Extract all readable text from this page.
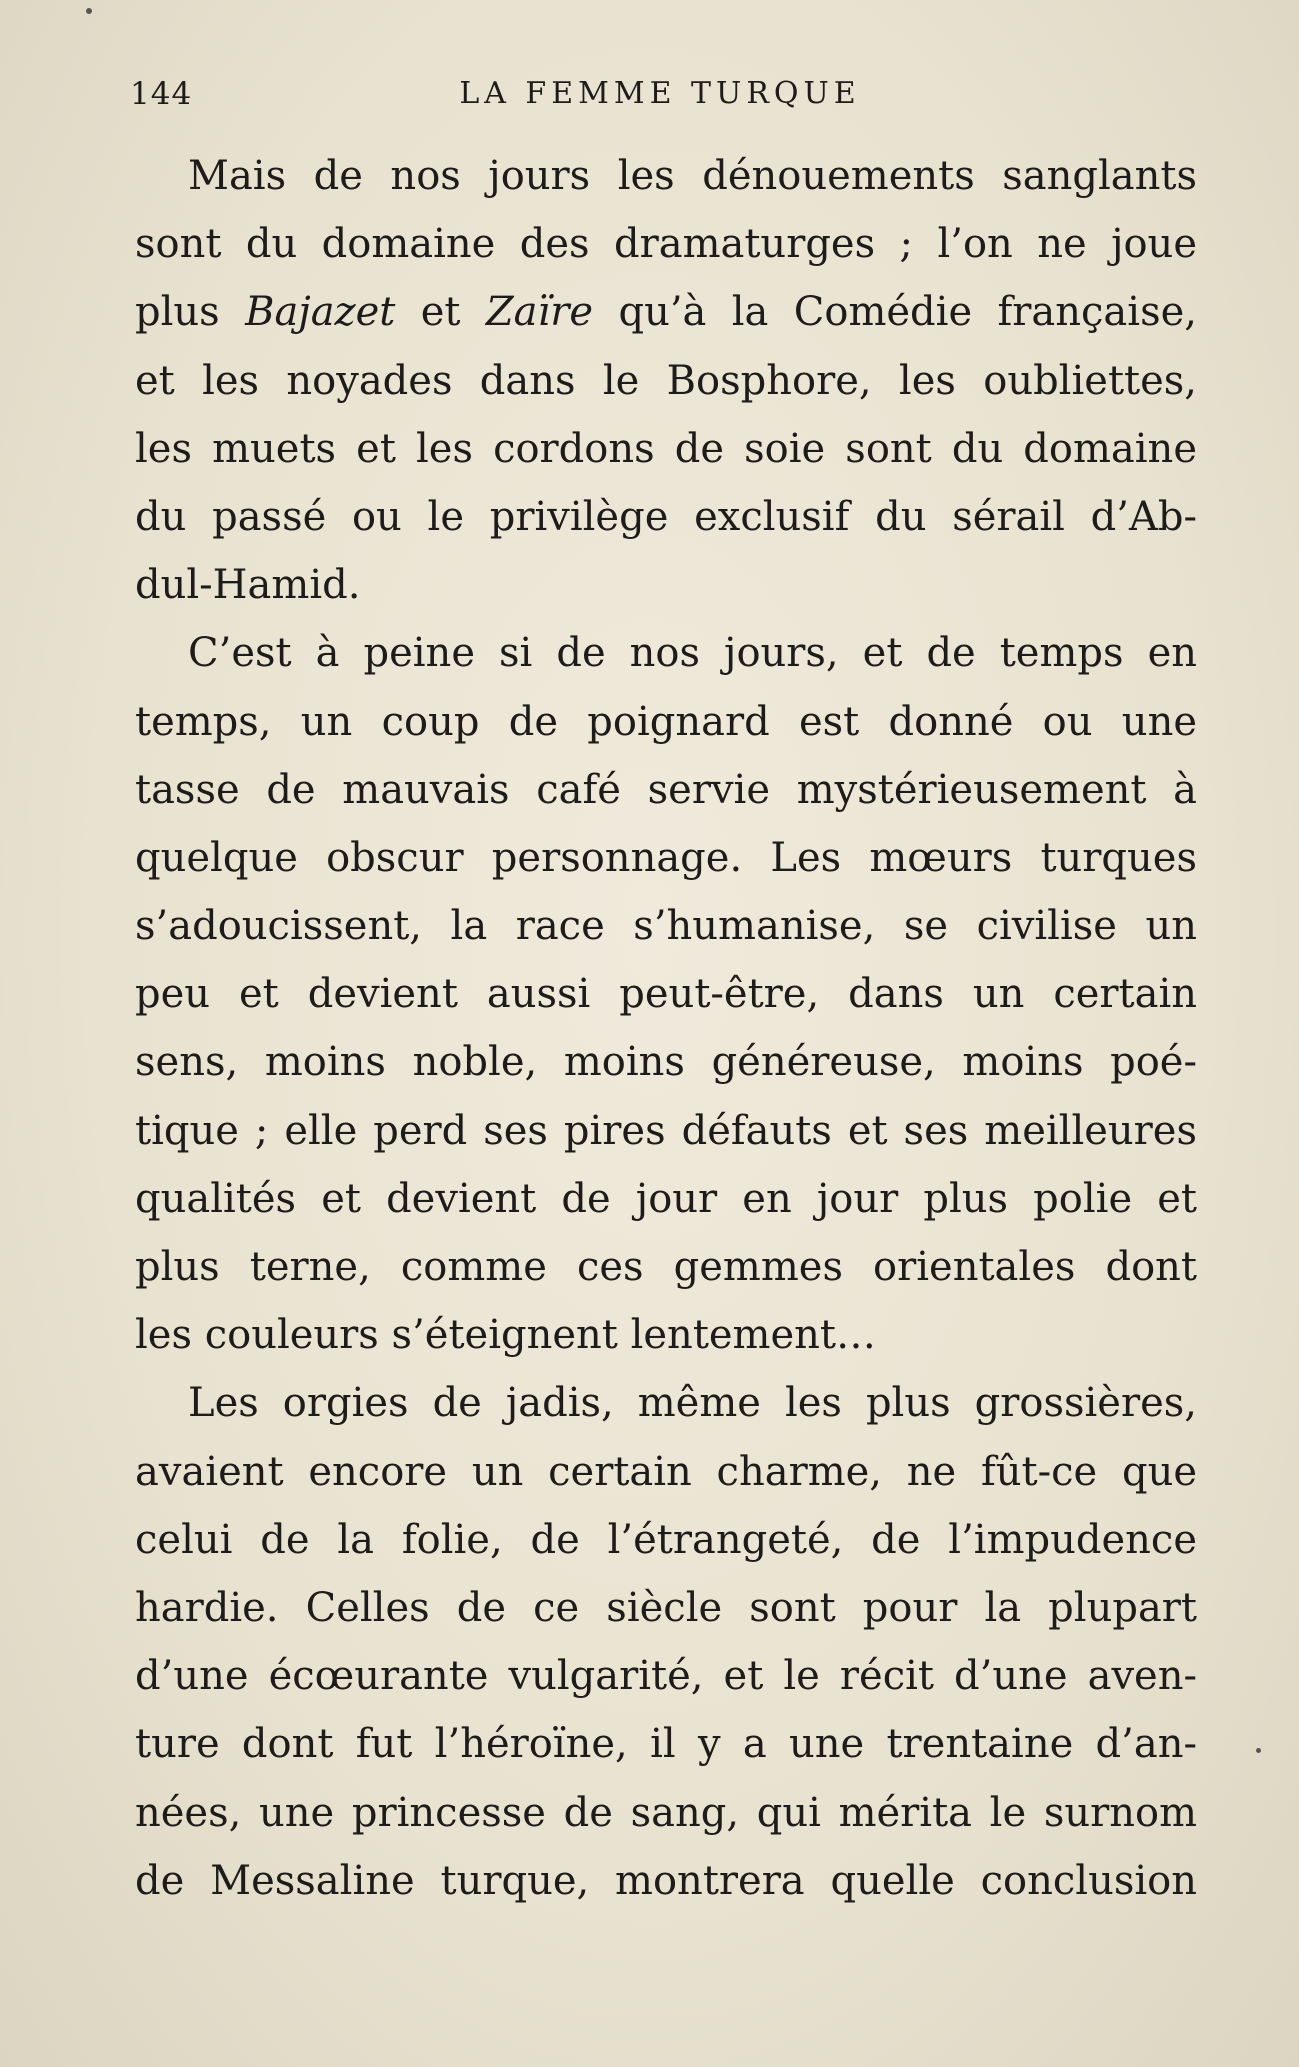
144	LA FEMME TURQUE
Mais de nos jours les dénouements sanglants
sont du domaine des dramaturges ; l’on ne joue
plus Bajazet et Zaïre qu’à la Comédie française,
et les noyades dans le Bosphore, les oubliettes,
les muets et les cordons de soie sont du domaine
du passé ou le privilège exclusif du sérail d’Ab-
dul-Hamid.
C’est à peine si de nos jours, et de temps en
temps, un coup de poignard est donné ou une
tasse de mauvais café servie mystérieusement à
quelque obscur personnage. Les mœurs turques
s’adoucissent, la race s’humanise, se civilise un
peu et devient aussi peut-être, dans un certain
sens, moins noble, moins généreuse, moins poé-
tique ; elle perd ses pires défauts et ses meilleures
qualités et devient de jour en jour plus polie et
plus terne, comme ces gemmes orientales dont
les couleurs s’éteignent lentement…
Les orgies de jadis, même les plus grossières,
avaient encore un certain charme, ne fût-ce que
celui de la folie, de l’étrangeté, de l’impudence
hardie. Celles de ce siècle sont pour la plupart
d’une écœurante vulgarité, et le récit d’une aven-
ture dont fut l’héroïne, il y a une trentaine d’an-
nées, une princesse de sang, qui mérita le surnom
de Messaline turque, montrera quelle conclusion
